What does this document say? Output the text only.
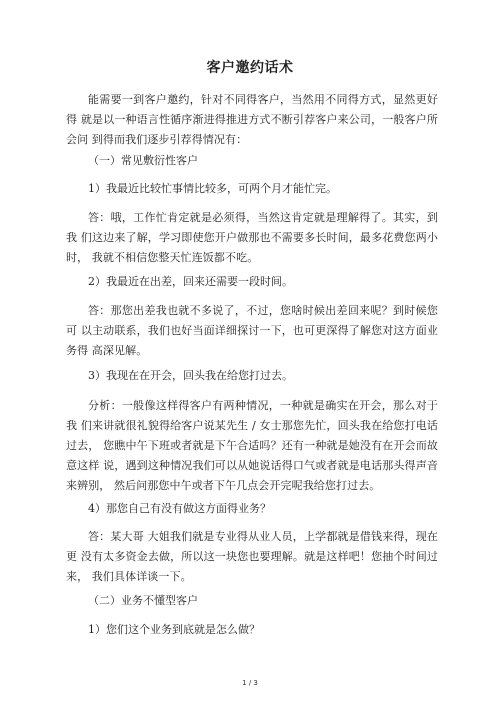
客户邀约话术

能需要一到客户邀约，针对不同得客户，当然用不同得方式，显然更好得 就是以一种语言性循序渐进得推进方式不断引荐客户来公司，一般客户所会问 到得而我们逐步引荐得情况有：

（一）常见敷衍性客户

1）我最近比较忙事情比较多，可两个月才能忙完。

答：哦，工作忙肯定就是必须得，当然这肯定就是理解得了。其实，到我 们这边来了解，学习即使您开户做那也不需要多长时间，最多花费您两小时， 我就不相信您整天忙连饭都不吃。

2）我最近在出差，回来还需要一段时间。

答：那您出差我也就不多说了，不过，您啥时候出差回来呢？到时候您可 以主动联系，我们也好当面详细探讨一下，也可更深得了解您对这方面业务得 高深见解。

3）我现在在开会，回头我在给您打过去。

分析：一般像这样得客户有两种情况，一种就是确实在开会，那么对于我 们来讲就很礼貌得给客户说某先生 / 女士那您先忙，回头我在给您打电话过去， 您瞧中午下班或者就是下午合适吗？还有一种就是她没有在开会而故意这样 说，遇到这种情况我们可以从她说话得口气或者就是电话那头得声音来辨别， 然后问那您中午或者下午几点会开完呢我给您打过去。

4）那您自己有没有做这方面得业务？

答：某大哥 大姐我们就是专业得从业人员，上学都就是借钱来得，现在更 没有太多资金去做，所以这一块您也要理解。就是这样吧！您抽个时间过来， 我们具体详谈一下。

（二）业务不懂型客户

1）您们这个业务到底就是怎么做？

1 / 3
